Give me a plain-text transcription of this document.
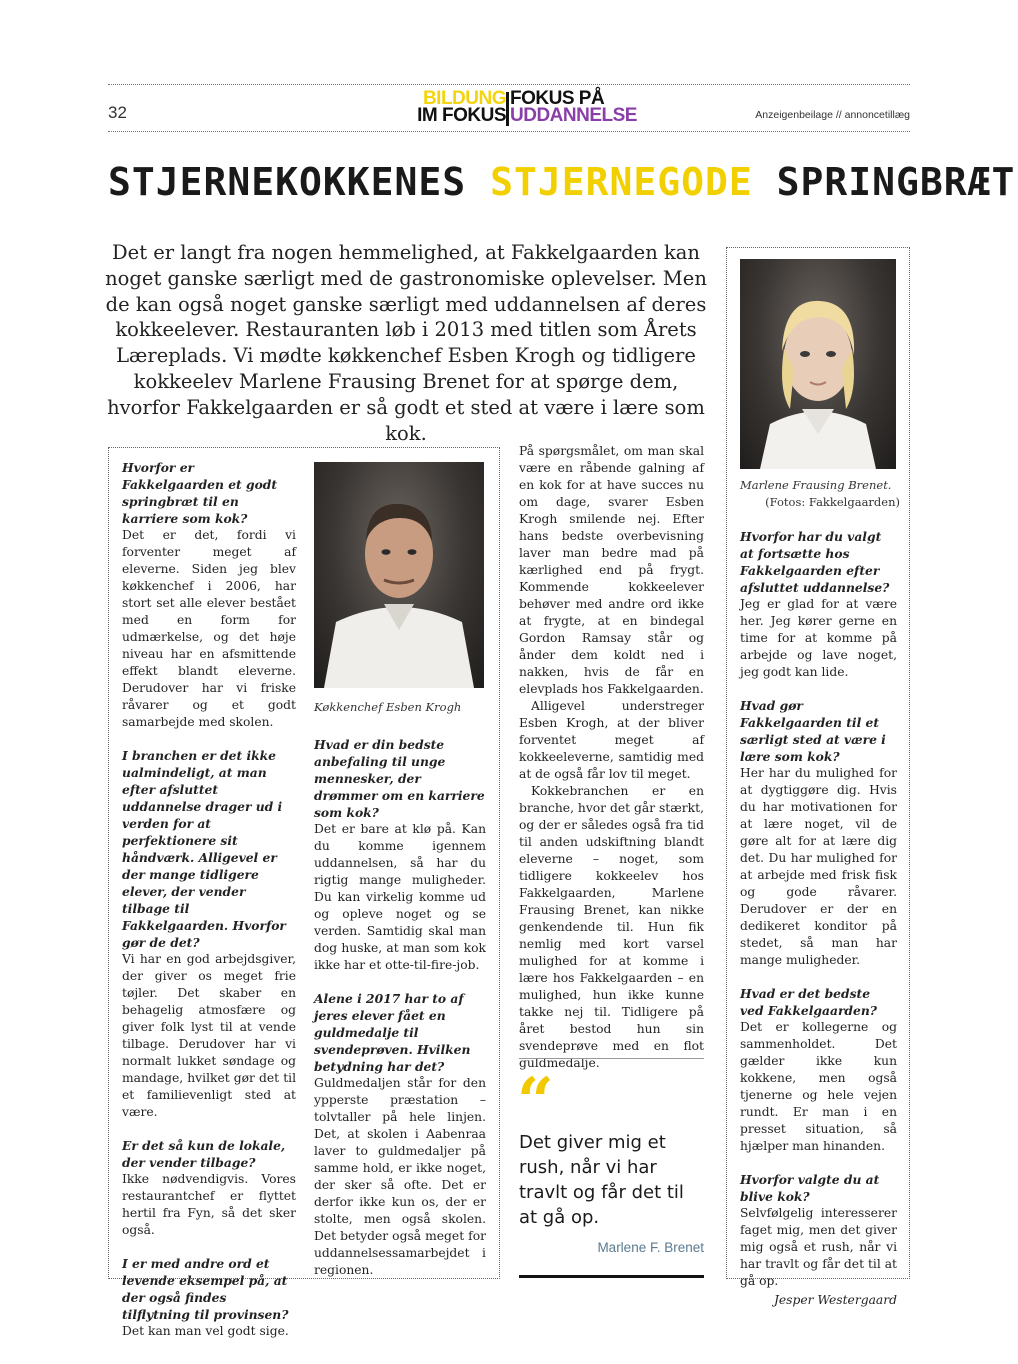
32
BILDUNG
IM FOKUS
FOKUS PÅ
UDDANNELSE	Anzeigenbeilage // annoncetillæg
STJERNEKOKKENES STJERNEGODE SPRINGBRÆT
Det er langt fra nogen hemmelighed, at Fakkelgaarden kan noget ganske særligt med de gastronomiske oplevelser. Men de kan også noget ganske særligt med uddannelsen af deres kokkeelever. Restauranten løb i 2013 med titlen som Årets Læreplads. Vi mødte køkkenchef Esben Krogh og tidligere kokkeelev Marlene Frausing Brenet for at spørge dem, hvorfor Fakkelgaarden er så godt et sted at være i lære som kok.
Marlene Frausing Brenet.

(Fotos: Fakkelgaarden)

Hvorfor har du valgt at fortsætte hos Fakkelgaarden efter afsluttet uddannelse?

Jeg er glad for at være her. Jeg kører gerne en time for at komme på arbejde og lave noget, jeg godt kan lide.

Hvad gør Fakkelgaarden til et særligt sted at være i lære som kok?

Her har du mulighed for at dygtiggøre dig. Hvis du har motivationen for at lære noget, vil de gøre alt for at lære dig det. Du har mulighed for at arbejde med frisk fisk og gode råvarer. Derudover er der en dedikeret konditor på stedet, så man har mange muligheder.

Hvad er det bedste ved Fakkelgaarden?

Det er kollegerne og sammenholdet. Det gælder ikke kun kokkene, men også tjenerne og hele vejen rundt. Er man i en presset situation, så hjælper man hinanden.

Hvorfor valgte du at blive kok?

Selvfølgelig interesserer faget mig, men det giver mig også et rush, når vi har travlt og får det til at gå op.

Jesper Westergaard

Hvorfor er Fakkelgaarden et godt springbræt til en karriere som kok?

Det er det, fordi vi forventer meget af eleverne. Siden jeg blev køkkenchef i 2006, har stort set alle elever bestået med en form for udmærkelse, og det høje niveau har en afsmittende effekt blandt eleverne. Derudover har vi friske råvarer og et godt samarbejde med skolen.

I branchen er det ikke ualmindeligt, at man efter afsluttet uddannelse drager ud i verden for at perfektionere sit håndværk. Alligevel er der mange tidligere elever, der vender tilbage til Fakkelgaarden. Hvorfor gør de det?

Vi har en god arbejdsgiver, der giver os meget frie tøjler. Det skaber en behagelig atmosfære og giver folk lyst til at vende tilbage. Derudover har vi normalt lukket søndage og mandage, hvilket gør det til et familievenligt sted at være.

Er det så kun de lokale, der vender tilbage?

Ikke nødvendigvis. Vores restaurantchef er flyttet hertil fra Fyn, så det sker også.

I er med andre ord et levende eksempel på, at der også findes tilflytning til provinsen?

Det kan man vel godt sige.

Køkkenchef Esben Krogh

Hvad er din bedste anbefaling til unge mennesker, der drømmer om en karriere som kok?

Det er bare at klø på. Kan du komme igennem uddannelsen, så har du rigtig mange muligheder. Du kan virkelig komme ud og opleve noget og se verden. Samtidig skal man dog huske, at man som kok ikke har et otte-til-fire-job.

Alene i 2017 har to af jeres elever fået en guldmedalje til svendeprøven. Hvilken betydning har det?

Guldmedaljen står for den ypperste præstation – tolvtaller på hele linjen. Det, at skolen i Aabenraa laver to guldmedaljer på samme hold, er ikke noget, der sker så ofte. Det er derfor ikke kun os, der er stolte, men også skolen. Det betyder også meget for uddannelsessamarbejdet i regionen.

På spørgsmålet, om man skal være en råbende galning af en kok for at have succes nu om dage, svarer Esben Krogh smilende nej. Efter hans bedste overbevisning laver man bedre mad på kærlighed end på frygt. Kommende kokkeelever behøver med andre ord ikke at frygte, at en bindegal Gordon Ramsay står og ånder dem koldt ned i nakken, hvis de får en elevplads hos Fakkelgaarden.

Alligevel understreger Esben Krogh, at der bliver forventet meget af kokkeeleverne, samtidig med at de også får lov til meget.

Kokkebranchen er en branche, hvor det går stærkt, og der er således også fra tid til anden udskiftning blandt eleverne – noget, som tidligere kokkeelev hos Fakkelgaarden, Marlene Frausing Brenet, kan nikke genkendende til. Hun fik nemlig med kort varsel mulighed for at komme i lære hos Fakkelgaarden – en mulighed, hun ikke kunne takke nej til. Tidligere på året bestod hun sin svendeprøve med en flot guldmedalje.

“
Det giver mig et rush, når vi har travlt og får det til at gå op.
Marlene F. Brenet
